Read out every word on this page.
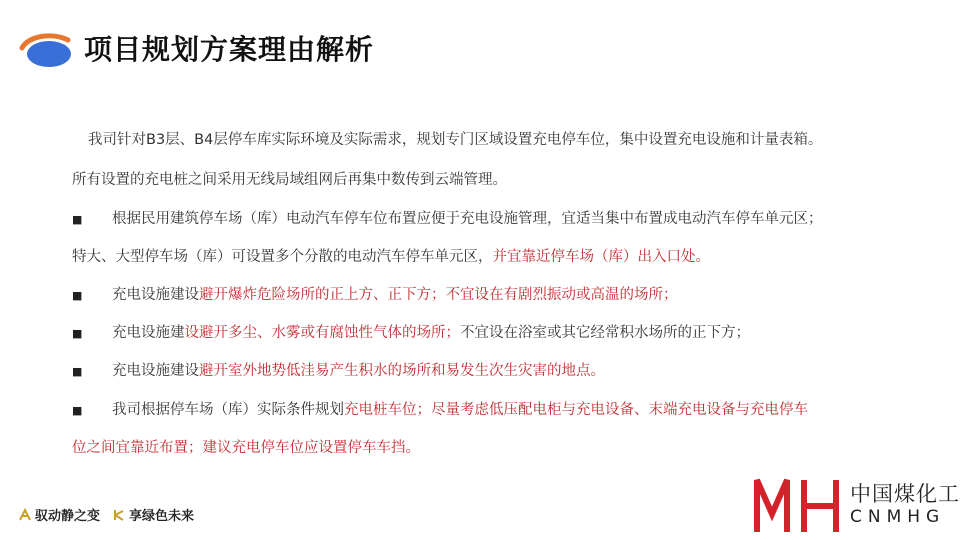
项目规划方案理由解析
我司针对B3层、B4层停车库实际环境及实际需求，规划专门区域设置充电停车位，集中设置充电设施和计量表箱。
所有设置的充电桩之间采用无线局域组网后再集中数传到云端管理。
■ 根据民用建筑停车场（库）电动汽车停车位布置应便于充电设施管理，宜适当集中布置成电动汽车停车单元区；
特大、大型停车场（库）可设置多个分散的电动汽车停车单元区，并宜靠近停车场（库）出入口处。
■ 充电设施建设避开爆炸危险场所的正上方、正下方；不宜设在有剧烈振动或高温的场所；
■ 充电设施建设避开多尘、水雾或有腐蚀性气体的场所；不宜设在浴室或其它经常积水场所的正下方；
■ 充电设施建设避开室外地势低洼易产生积水的场所和易发生次生灾害的地点。
■ 我司根据停车场（库）实际条件规划充电桩车位；尽量考虑低压配电柜与充电设备、末端充电设备与充电停车
位之间宜靠近布置；建议充电停车位应设置停车车挡。
驭动静之变 享绿色未来
中国煤化工
CNMHG
